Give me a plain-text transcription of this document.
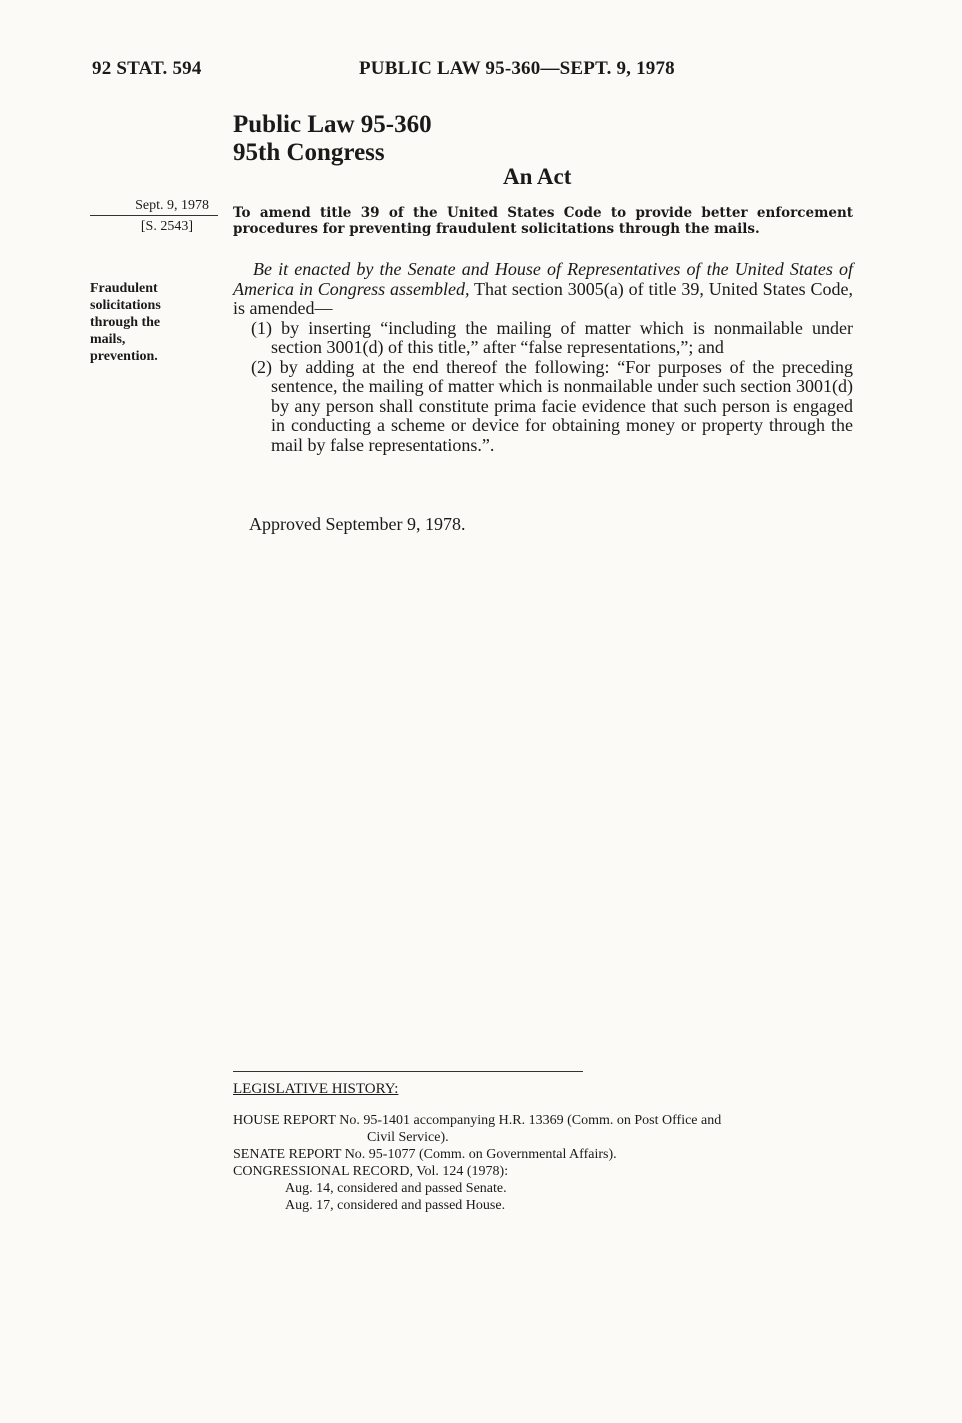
92 STAT. 594	PUBLIC LAW 95-360—SEPT. 9, 1978
Public Law 95-360
95th Congress
An Act
Sept. 9, 1978
[S. 2543]
Fraudulent
solicitations
through the
mails,
prevention.
To amend title 39 of the United States Code to provide better enforcement procedures for preventing fraudulent solicitations through the mails.

Be it enacted by the Senate and House of Representatives of the United States of America in Congress assembled, That section 3005(a) of title 39, United States Code, is amended—

(1) by inserting “including the mailing of matter which is nonmailable under section 3001(d) of this title,” after “false representations,”; and

(2) by adding at the end thereof the following: “For purposes of the preceding sentence, the mailing of matter which is nonmailable under such section 3001(d) by any person shall constitute prima facie evidence that such person is engaged in conducting a scheme or device for obtaining money or property through the mail by false representations.”.

Approved September 9, 1978.

LEGISLATIVE HISTORY:

HOUSE REPORT No. 95-1401 accompanying H.R. 13369 (Comm. on Post Office and

Civil Service).

SENATE REPORT No. 95-1077 (Comm. on Governmental Affairs).

CONGRESSIONAL RECORD, Vol. 124 (1978):

Aug. 14, considered and passed Senate.

Aug. 17, considered and passed House.
